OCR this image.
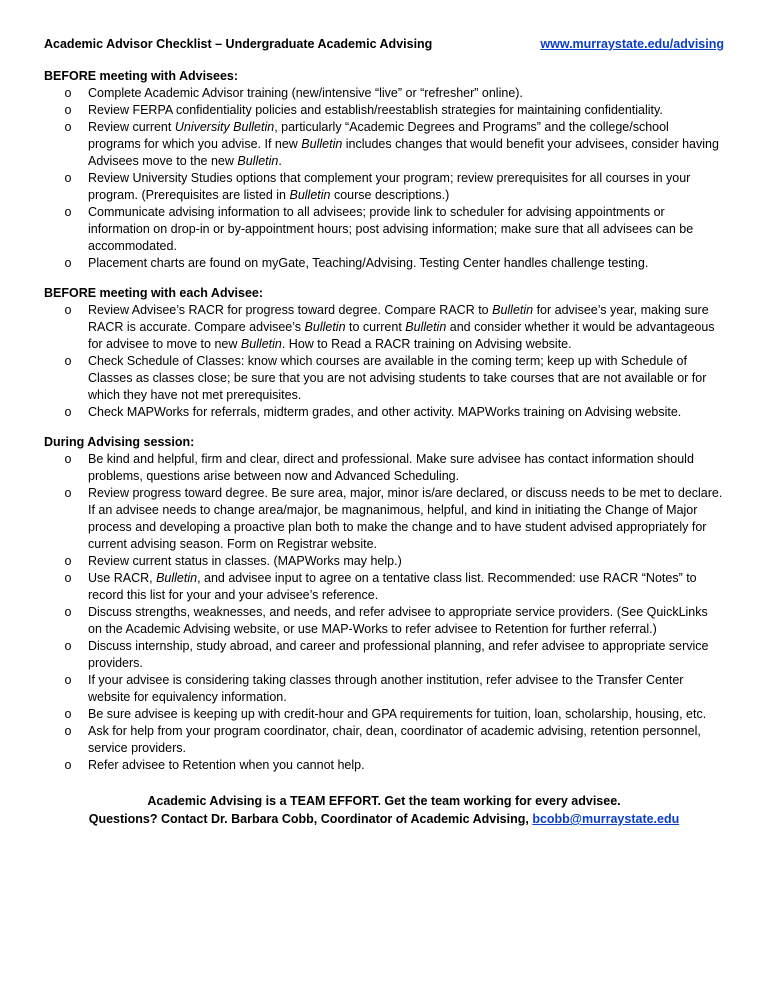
Academic Advisor Checklist – Undergraduate Academic Advising	www.murraystate.edu/advising
BEFORE meeting with Advisees:
o Complete Academic Advisor training (new/intensive “live” or “refresher” online).
o Review FERPA confidentiality policies and establish/reestablish strategies for maintaining confidentiality.
o Review current University Bulletin, particularly “Academic Degrees and Programs” and the college/school programs for which you advise. If new Bulletin includes changes that would benefit your advisees, consider having Advisees move to the new Bulletin.
o Review University Studies options that complement your program; review prerequisites for all courses in your program. (Prerequisites are listed in Bulletin course descriptions.)
o Communicate advising information to all advisees; provide link to scheduler for advising appointments or information on drop-in or by-appointment hours; post advising information; make sure that all advisees can be accommodated.
o Placement charts are found on myGate, Teaching/Advising. Testing Center handles challenge testing.
BEFORE meeting with each Advisee:
o Review Advisee’s RACR for progress toward degree. Compare RACR to Bulletin for advisee’s year, making sure RACR is accurate. Compare advisee’s Bulletin to current Bulletin and consider whether it would be advantageous for advisee to move to new Bulletin. How to Read a RACR training on Advising website.
o Check Schedule of Classes: know which courses are available in the coming term; keep up with Schedule of Classes as classes close; be sure that you are not advising students to take courses that are not available or for which they have not met prerequisites.
o Check MAPWorks for referrals, midterm grades, and other activity. MAPWorks training on Advising website.
During Advising session:
o Be kind and helpful, firm and clear, direct and professional. Make sure advisee has contact information should problems, questions arise between now and Advanced Scheduling.
o Review progress toward degree. Be sure area, major, minor is/are declared, or discuss needs to be met to declare. If an advisee needs to change area/major, be magnanimous, helpful, and kind in initiating the Change of Major process and developing a proactive plan both to make the change and to have student advised appropriately for current advising season. Form on Registrar website.
o Review current status in classes. (MAPWorks may help.)
o Use RACR, Bulletin, and advisee input to agree on a tentative class list. Recommended: use RACR “Notes” to record this list for your and your advisee’s reference.
o Discuss strengths, weaknesses, and needs, and refer advisee to appropriate service providers. (See QuickLinks on the Academic Advising website, or use MAP-Works to refer advisee to Retention for further referral.)
o Discuss internship, study abroad, and career and professional planning, and refer advisee to appropriate service providers.
o If your advisee is considering taking classes through another institution, refer advisee to the Transfer Center website for equivalency information.
o Be sure advisee is keeping up with credit-hour and GPA requirements for tuition, loan, scholarship, housing, etc.
o Ask for help from your program coordinator, chair, dean, coordinator of academic advising, retention personnel, service providers.
o Refer advisee to Retention when you cannot help.
Academic Advising is a TEAM EFFORT. Get the team working for every advisee.
Questions? Contact Dr. Barbara Cobb, Coordinator of Academic Advising, bcobb@murraystate.edu
